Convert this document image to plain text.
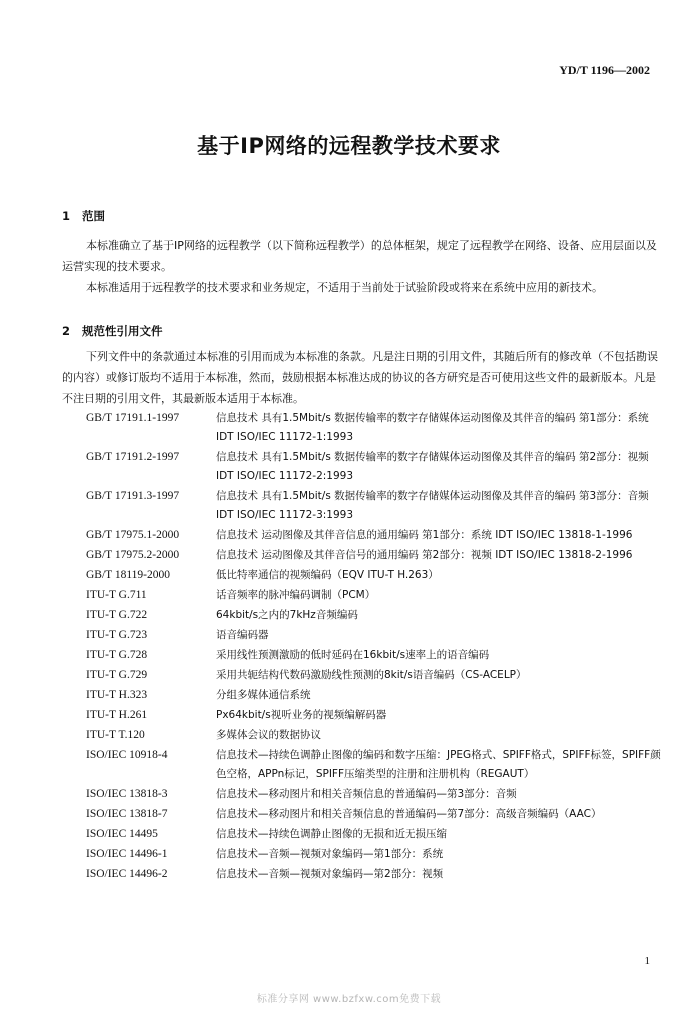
YD/T 1196—2002
基于IP网络的远程教学技术要求
1 范围

本标准确立了基于IP网络的远程教学（以下简称远程教学）的总体框架，规定了远程教学在网络、设备、应用层面以及运营实现的技术要求。

本标准适用于远程教学的技术要求和业务规定，不适用于当前处于试验阶段或将来在系统中应用的新技术。

2 规范性引用文件

下列文件中的条款通过本标准的引用而成为本标准的条款。凡是注日期的引用文件，其随后所有的修改单（不包括勘误的内容）或修订版均不适用于本标准，然而，鼓励根据本标准达成的协议的各方研究是否可使用这些文件的最新版本。凡是不注日期的引用文件，其最新版本适用于本标准。

GB/T 17191.1-1997	信息技术 具有1.5Mbit/s 数据传输率的数字存储媒体运动图像及其伴音的编码 第1部分：系统 IDT ISO/IEC 11172-1:1993
GB/T 17191.2-1997	信息技术 具有1.5Mbit/s 数据传输率的数字存储媒体运动图像及其伴音的编码 第2部分：视频 IDT ISO/IEC 11172-2:1993
GB/T 17191.3-1997	信息技术 具有1.5Mbit/s 数据传输率的数字存储媒体运动图像及其伴音的编码 第3部分：音频 IDT ISO/IEC 11172-3:1993
GB/T 17975.1-2000	信息技术 运动图像及其伴音信息的通用编码 第1部分：系统 IDT ISO/IEC 13818-1-1996
GB/T 17975.2-2000	信息技术 运动图像及其伴音信号的通用编码 第2部分：视频 IDT ISO/IEC 13818-2-1996
GB/T 18119-2000	低比特率通信的视频编码（EQV ITU-T H.263）
ITU-T G.711	话音频率的脉冲编码调制（PCM）
ITU-T G.722	64kbit/s之内的7kHz音频编码
ITU-T G.723	语音编码器
ITU-T G.728	采用线性预测激励的低时延码在16kbit/s速率上的语音编码
ITU-T G.729	采用共轭结构代数码激励线性预测的8kit/s语音编码（CS-ACELP）
ITU-T H.323	分组多媒体通信系统
ITU-T H.261	Px64kbit/s视听业务的视频编解码器
ITU-T T.120	多媒体会议的数据协议
ISO/IEC 10918-4	信息技术—持续色调静止图像的编码和数字压缩：JPEG格式、SPIFF格式，SPIFF标签，SPIFF颜色空格，APPn标记，SPIFF压缩类型的注册和注册机构（REGAUT）
ISO/IEC 13818-3	信息技术—移动图片和相关音频信息的普通编码—第3部分：音频
ISO/IEC 13818-7	信息技术—移动图片和相关音频信息的普通编码—第7部分：高级音频编码（AAC）
ISO/IEC 14495	信息技术—持续色调静止图像的无损和近无损压缩
ISO/IEC 14496-1	信息技术—音频—视频对象编码—第1部分：系统
ISO/IEC 14496-2	信息技术—音频—视频对象编码—第2部分：视频
1
标准分享网 www.bzfxw.com免费下载
